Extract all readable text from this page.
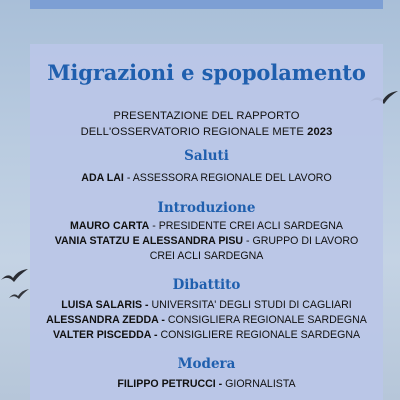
Migrazioni e spopolamento
PRESENTAZIONE DEL RAPPORTO
DELL'OSSERVATORIO REGIONALE METE 2023
Saluti
ADA LAI - ASSESSORA REGIONALE DEL LAVORO
Introduzione
MAURO CARTA - PRESIDENTE CREI ACLI SARDEGNA
VANIA STATZU E ALESSANDRA PISU - GRUPPO DI LAVORO
CREI ACLI SARDEGNA
Dibattito
LUISA SALARIS - UNIVERSITA' DEGLI STUDI DI CAGLIARI
ALESSANDRA ZEDDA - CONSIGLIERA REGIONALE SARDEGNA
VALTER PISCEDDA - CONSIGLIERE REGIONALE SARDEGNA
Modera
FILIPPO PETRUCCI - GIORNALISTA
